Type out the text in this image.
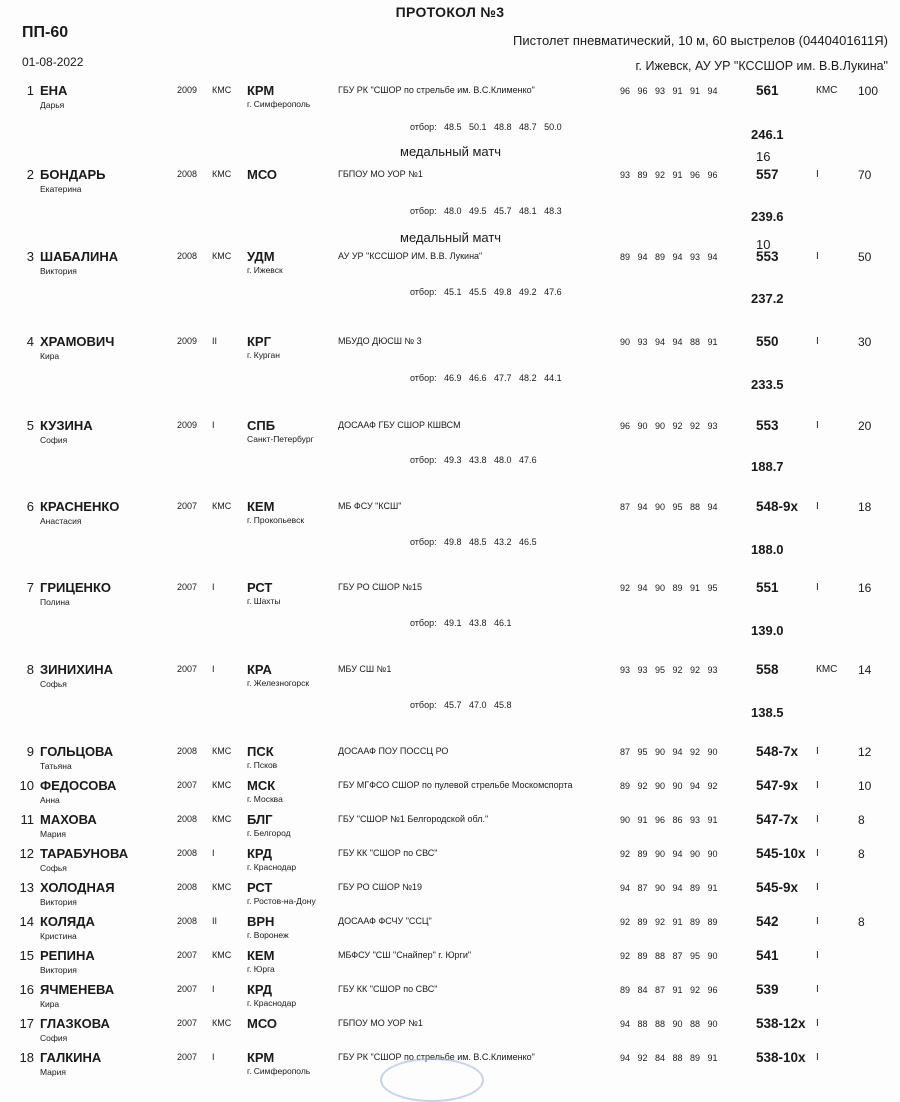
ПРОТОКОЛ №3
ПП-60
01-08-2022
Пистолет пневматический, 10 м, 60 выстрелов (0440401611Я)
г. Ижевск, АУ УР "КССШОР им. В.В.Лукина"
1 ЕНА
Дарья
2009 КМС КРМ
г. Симферополь
ГБУ РК "СШОР по стрельбе им. В.С.Клименко"	96 96 93 91 91 94	561	КМС 100
отбор: 48.5 50.1 48.8 48.7 50.0	246.1
медальный матч	16
2 БОНДАРЬ
Екатерина
2008 КМС МСО	ГБПОУ МО УОР №1	93 89 92 91 96 96	557	I	70
отбор: 48.0 49.5 45.7 48.1 48.3	239.6
медальный матч	10
3 ШАБАЛИНА
Виктория
2008 КМС УДМ
г. Ижевск
АУ УР "КССШОР ИМ. В.В. Лукина"	89 94 89 94 93 94	553	I	50
отбор: 45.1 45.5 49.8 49.2 47.6	237.2
4 ХРАМОВИЧ
Кира
2009 II КРГ
г. Курган
МБУДО ДЮСШ № 3	90 93 94 94 88 91	550	I	30
отбор: 46.9 46.6 47.7 48.2 44.1	233.5
5 КУЗИНА
София
2009 I СПБ
Санкт-Петербург
ДОСААФ ГБУ СШОР КШВСМ	96 90 90 92 92 93	553	I	20
отбор: 49.3 43.8 48.0 47.6	188.7
6 КРАСНЕНКО
Анастасия
2007 КМС КЕМ
г. Прокопьевск
МБ ФСУ "КСШ"	87 94 90 95 88 94	548-9x I	18
отбор: 49.8 48.5 43.2 46.5	188.0
7 ГРИЦЕНКО
Полина
2007 I РСТ
г. Шахты
ГБУ РО СШОР №15	92 94 90 89 91 95	551	I	16
отбор: 49.1 43.8 46.1	139.0
8 ЗИНИХИНА
Софья
2007 I КРА
г. Железногорск
МБУ СШ №1	93 93 95 92 92 93	558	КМС 14
отбор: 45.7 47.0 45.8	138.5
9 ГОЛЬЦОВА
Татьяна
2008 КМС ПСК
г. Псков
ДОСААФ ПОУ ПОССЦ РО	87 95 90 94 92 90	548-7x I	12
10 ФЕДОСОВА
Анна
2007 КМС МСК
г. Москва
ГБУ МГФСО СШОР по пулевой стрельбе Москомспорта	89 92 90 90 94 92	547-9x I	10
11 МАХОВА
Мария
2008 КМС БЛГ
г. Белгород
ГБУ "СШОР №1 Белгородской обл."	90 91 96 86 93 91	547-7x I	8
12 ТАРАБУНОВА
Софья
2008 I КРД
г. Краснодар
ГБУ КК "СШОР по СВС"	92 89 90 94 90 90	545-10x I	8
13 ХОЛОДНАЯ
Виктория
2008 КМС РСТ
г. Ростов-на-Дону
ГБУ РО СШОР №19	94 87 90 94 89 91	545-9x I
14 КОЛЯДА
Кристина
2008 II ВРН
г. Воронеж
ДОСААФ ФСЧУ "ССЦ"	92 89 92 91 89 89	542	I	8
15 РЕПИНА
Виктория
2007 КМС КЕМ
г. Юрга
МБФСУ "СШ "Снайпер" г. Юрги"	92 89 88 87 95 90	541	I
16 ЯЧМЕНЕВА
Кира
2007 I КРД
г. Краснодар
ГБУ КК "СШОР по СВС"	89 84 87 91 92 96	539	I
17 ГЛАЗКОВА
София
2007 КМС МСО	ГБПОУ МО УОР №1	94 88 88 90 88 90	538-12x I
18 ГАЛКИНА
Мария
2007 I КРМ
г. Симферополь
ГБУ РК "СШОР по стрельбе им. В.С.Клименко"	94 92 84 88 89 91	538-10x I
